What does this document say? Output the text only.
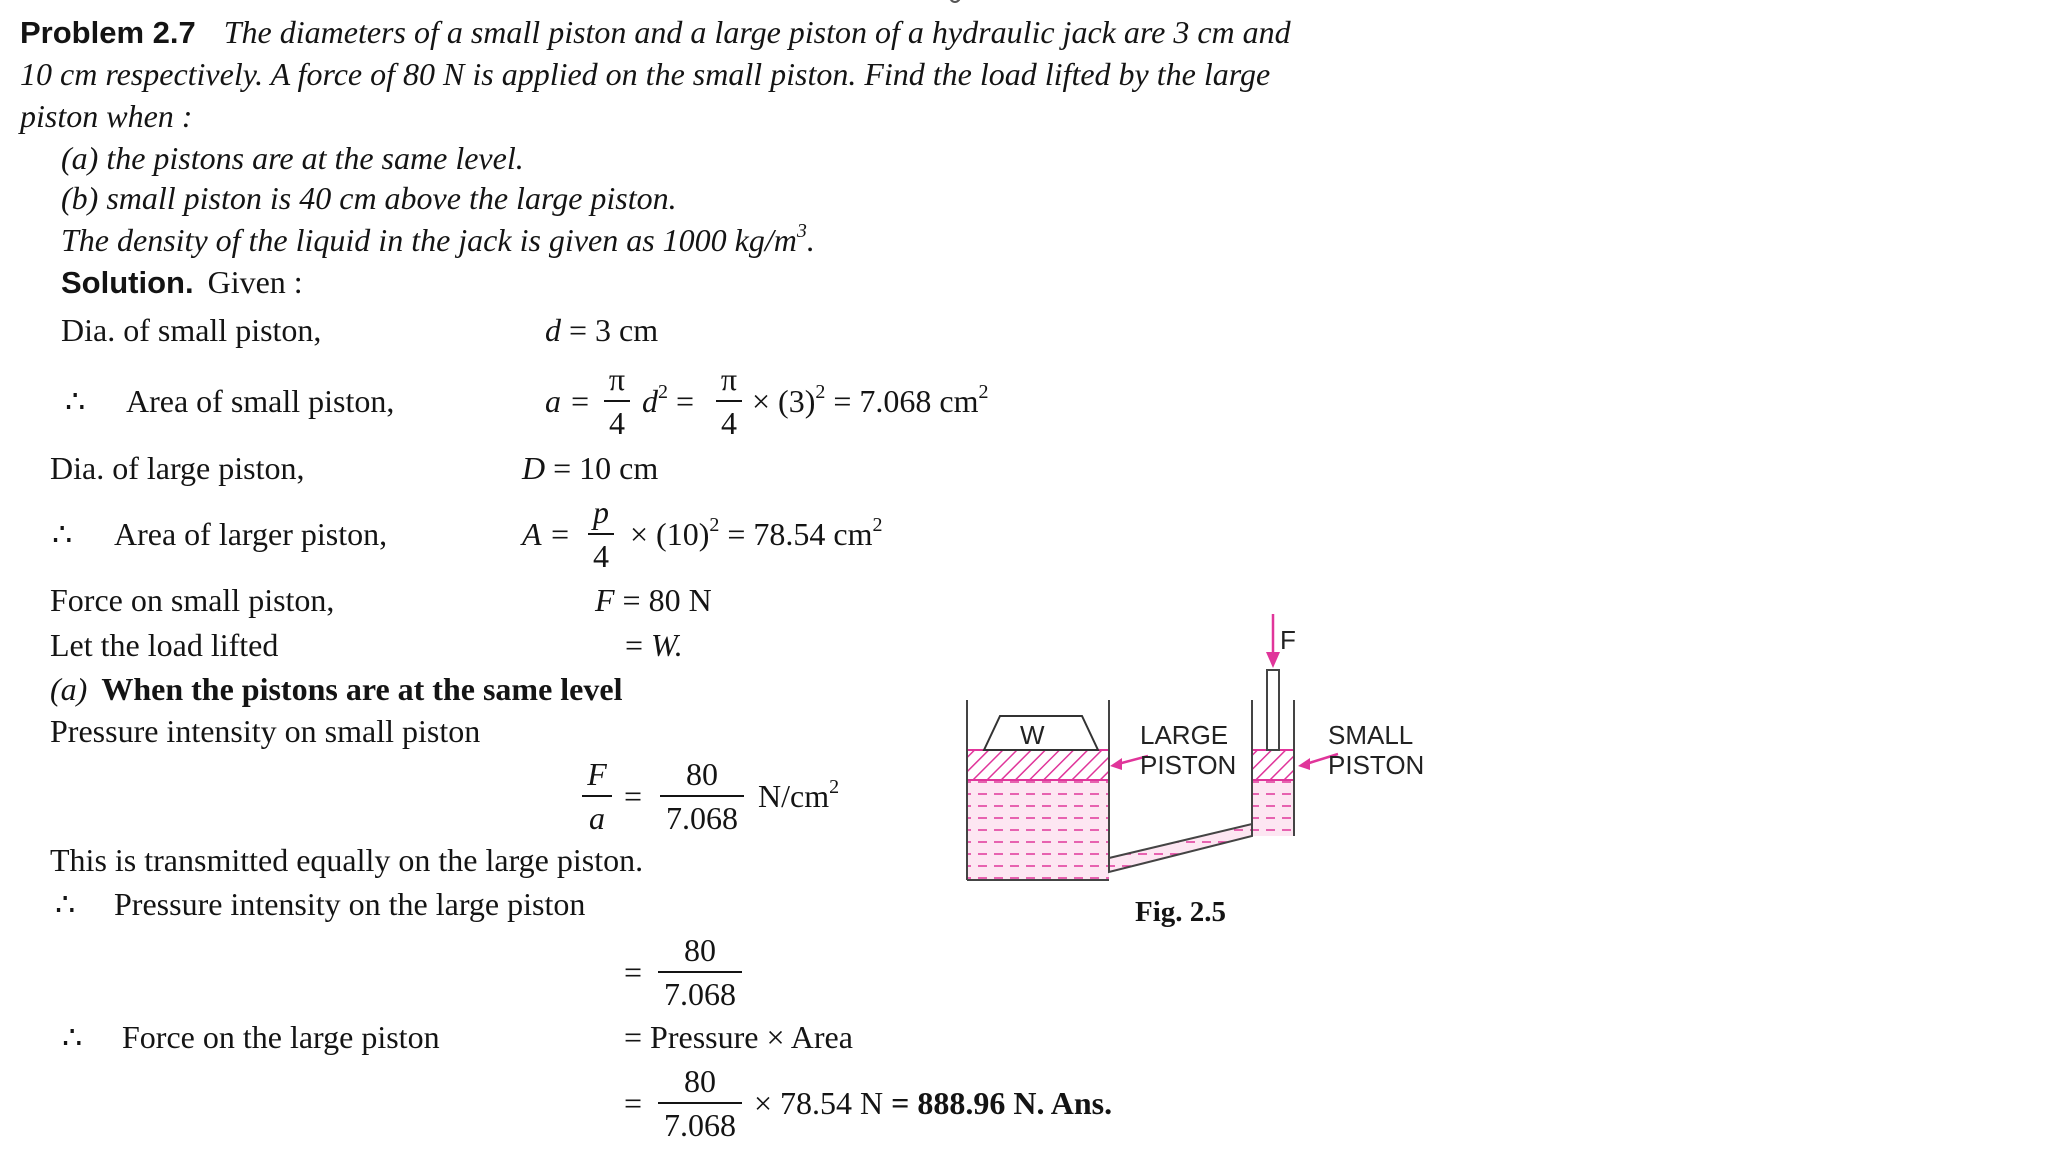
Problem 2.7 The diameters of a small piston and a large piston of a hydraulic jack are 3 cm and
10 cm respectively. A force of 80 N is applied on the small piston. Find the load lifted by the large
piston when :
(a) the pistons are at the same level.
(b) small piston is 40 cm above the large piston.
The density of the liquid in the jack is given as 1000 $kg/m^3$.
Solution. Given :
Dia. of small piston,	d = 3 cm
∴ Area of small piston,	a =
π
4
$d^2$ =
π
4
× $(3)^2 = 7.068$ $cm^2$
Dia. of large piston,	D = 10 cm
∴ Area of larger piston,	A =
p
4
× $(10)^2 = 78.54$ $cm^2$
Force on small piston,	F = 80 N
Let the load lifted	= W.
(a) When the pistons are at the same level
Pressure intensity on small piston
F
a
=
80
7.068
$N/cm^2$
This is transmitted equally on the large piston.
∴ Pressure intensity on the large piston
=
80
7.068
∴ Force on the large piston	= Pressure × Area
=
80
7.068
× 78.54 N = 888.96 N. Ans.
F
W	LARGE
PISTON
SMALL
PISTON
Fig. 2.5
